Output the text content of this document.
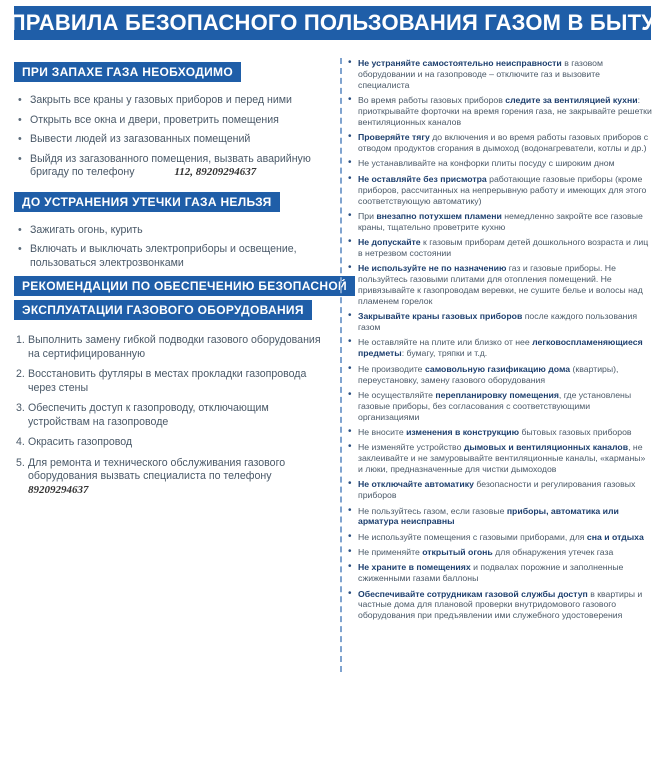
ПРАВИЛА БЕЗОПАСНОГО ПОЛЬЗОВАНИЯ ГАЗОМ В БЫТУ
ПРИ ЗАПАХЕ ГАЗА НЕОБХОДИМО
• Закрыть все краны у газовых приборов и перед ними
• Открыть все окна и двери, проветрить помещения
• Вывести людей из загазованных помещений
• Выйдя из загазованного помещения, вызвать аварийную бригаду по телефону	112, 89209294637
ДО УСТРАНЕНИЯ УТЕЧКИ ГАЗА НЕЛЬЗЯ
• Зажигать огонь, курить
• Включать и выключать электроприборы и освещение, пользоваться электрозвонками
РЕКОМЕНДАЦИИ ПО ОБЕСПЕЧЕНИЮ БЕЗОПАСНОЙ
ЭКСПЛУАТАЦИИ ГАЗОВОГО ОБОРУДОВАНИЯ
1. Выполнить замену гибкой подводки газового оборудования на сертифицированную
2. Восстановить футляры в местах прокладки газопровода через стены
3. Обеспечить доступ к газопроводу, отключающим устройствам на газопроводе
4. Окрасить газопровод
5. Для ремонта и технического обслуживания газового оборудования вызвать специалиста по телефону 89209294637
• Не устраняйте самостоятельно неисправности в газовом оборудовании и на газопроводе – отключите газ и вызовите специалиста
• Во время работы газовых приборов следите за вентиляцией кухни: приоткрывайте форточки на время горения газа, не закрывайте решетки вентиляционных каналов
• Проверяйте тягу до включения и во время работы газовых приборов с отводом продуктов сгорания в дымоход (водонагреватели, котлы и др.)
• Не устанавливайте на конфорки плиты посуду с широким дном
• Не оставляйте без присмотра работающие газовые приборы (кроме приборов, рассчитанных на непрерывную работу и имеющих для этого соответствующую автоматику)
• При внезапно потухшем пламени немедленно закройте все газовые краны, тщательно проветрите кухню
• Не допускайте к газовым приборам детей дошкольного возраста и лиц в нетрезвом состоянии
• Не используйте не по назначению газ и газовые приборы. Не пользуйтесь газовыми плитами для отопления помещений. Не привязывайте к газопроводам веревки, не сушите белье и волосы над пламенем горелок
• Закрывайте краны газовых приборов после каждого пользования газом
• Не оставляйте на плите или близко от нее легковоспламеняющиеся предметы: бумагу, тряпки и т.д.
• Не производите самовольную газификацию дома (квартиры), переустановку, замену газового оборудования
• Не осуществляйте перепланировку помещения, где установлены газовые приборы, без согласования с соответствующими организациями
• Не вносите изменения в конструкцию бытовых газовых приборов
• Не изменяйте устройство дымовых и вентиляционных каналов, не заклеивайте и не замуровывайте вентиляционные каналы, «карманы» и люки, предназначенные для чистки дымоходов
• Не отключайте автоматику безопасности и регулирования газовых приборов
• Не пользуйтесь газом, если газовые приборы, автоматика или арматура неисправны
• Не используйте помещения с газовыми приборами, для сна и отдыха
• Не применяйте открытый огонь для обнаружения утечек газа
• Не храните в помещениях и подвалах порожние и заполненные сжиженными газами баллоны
• Обеспечивайте сотрудникам газовой службы доступ в квартиры и частные дома для плановой проверки внутридомового газового оборудования при предъявлении ими служебного удостоверения
